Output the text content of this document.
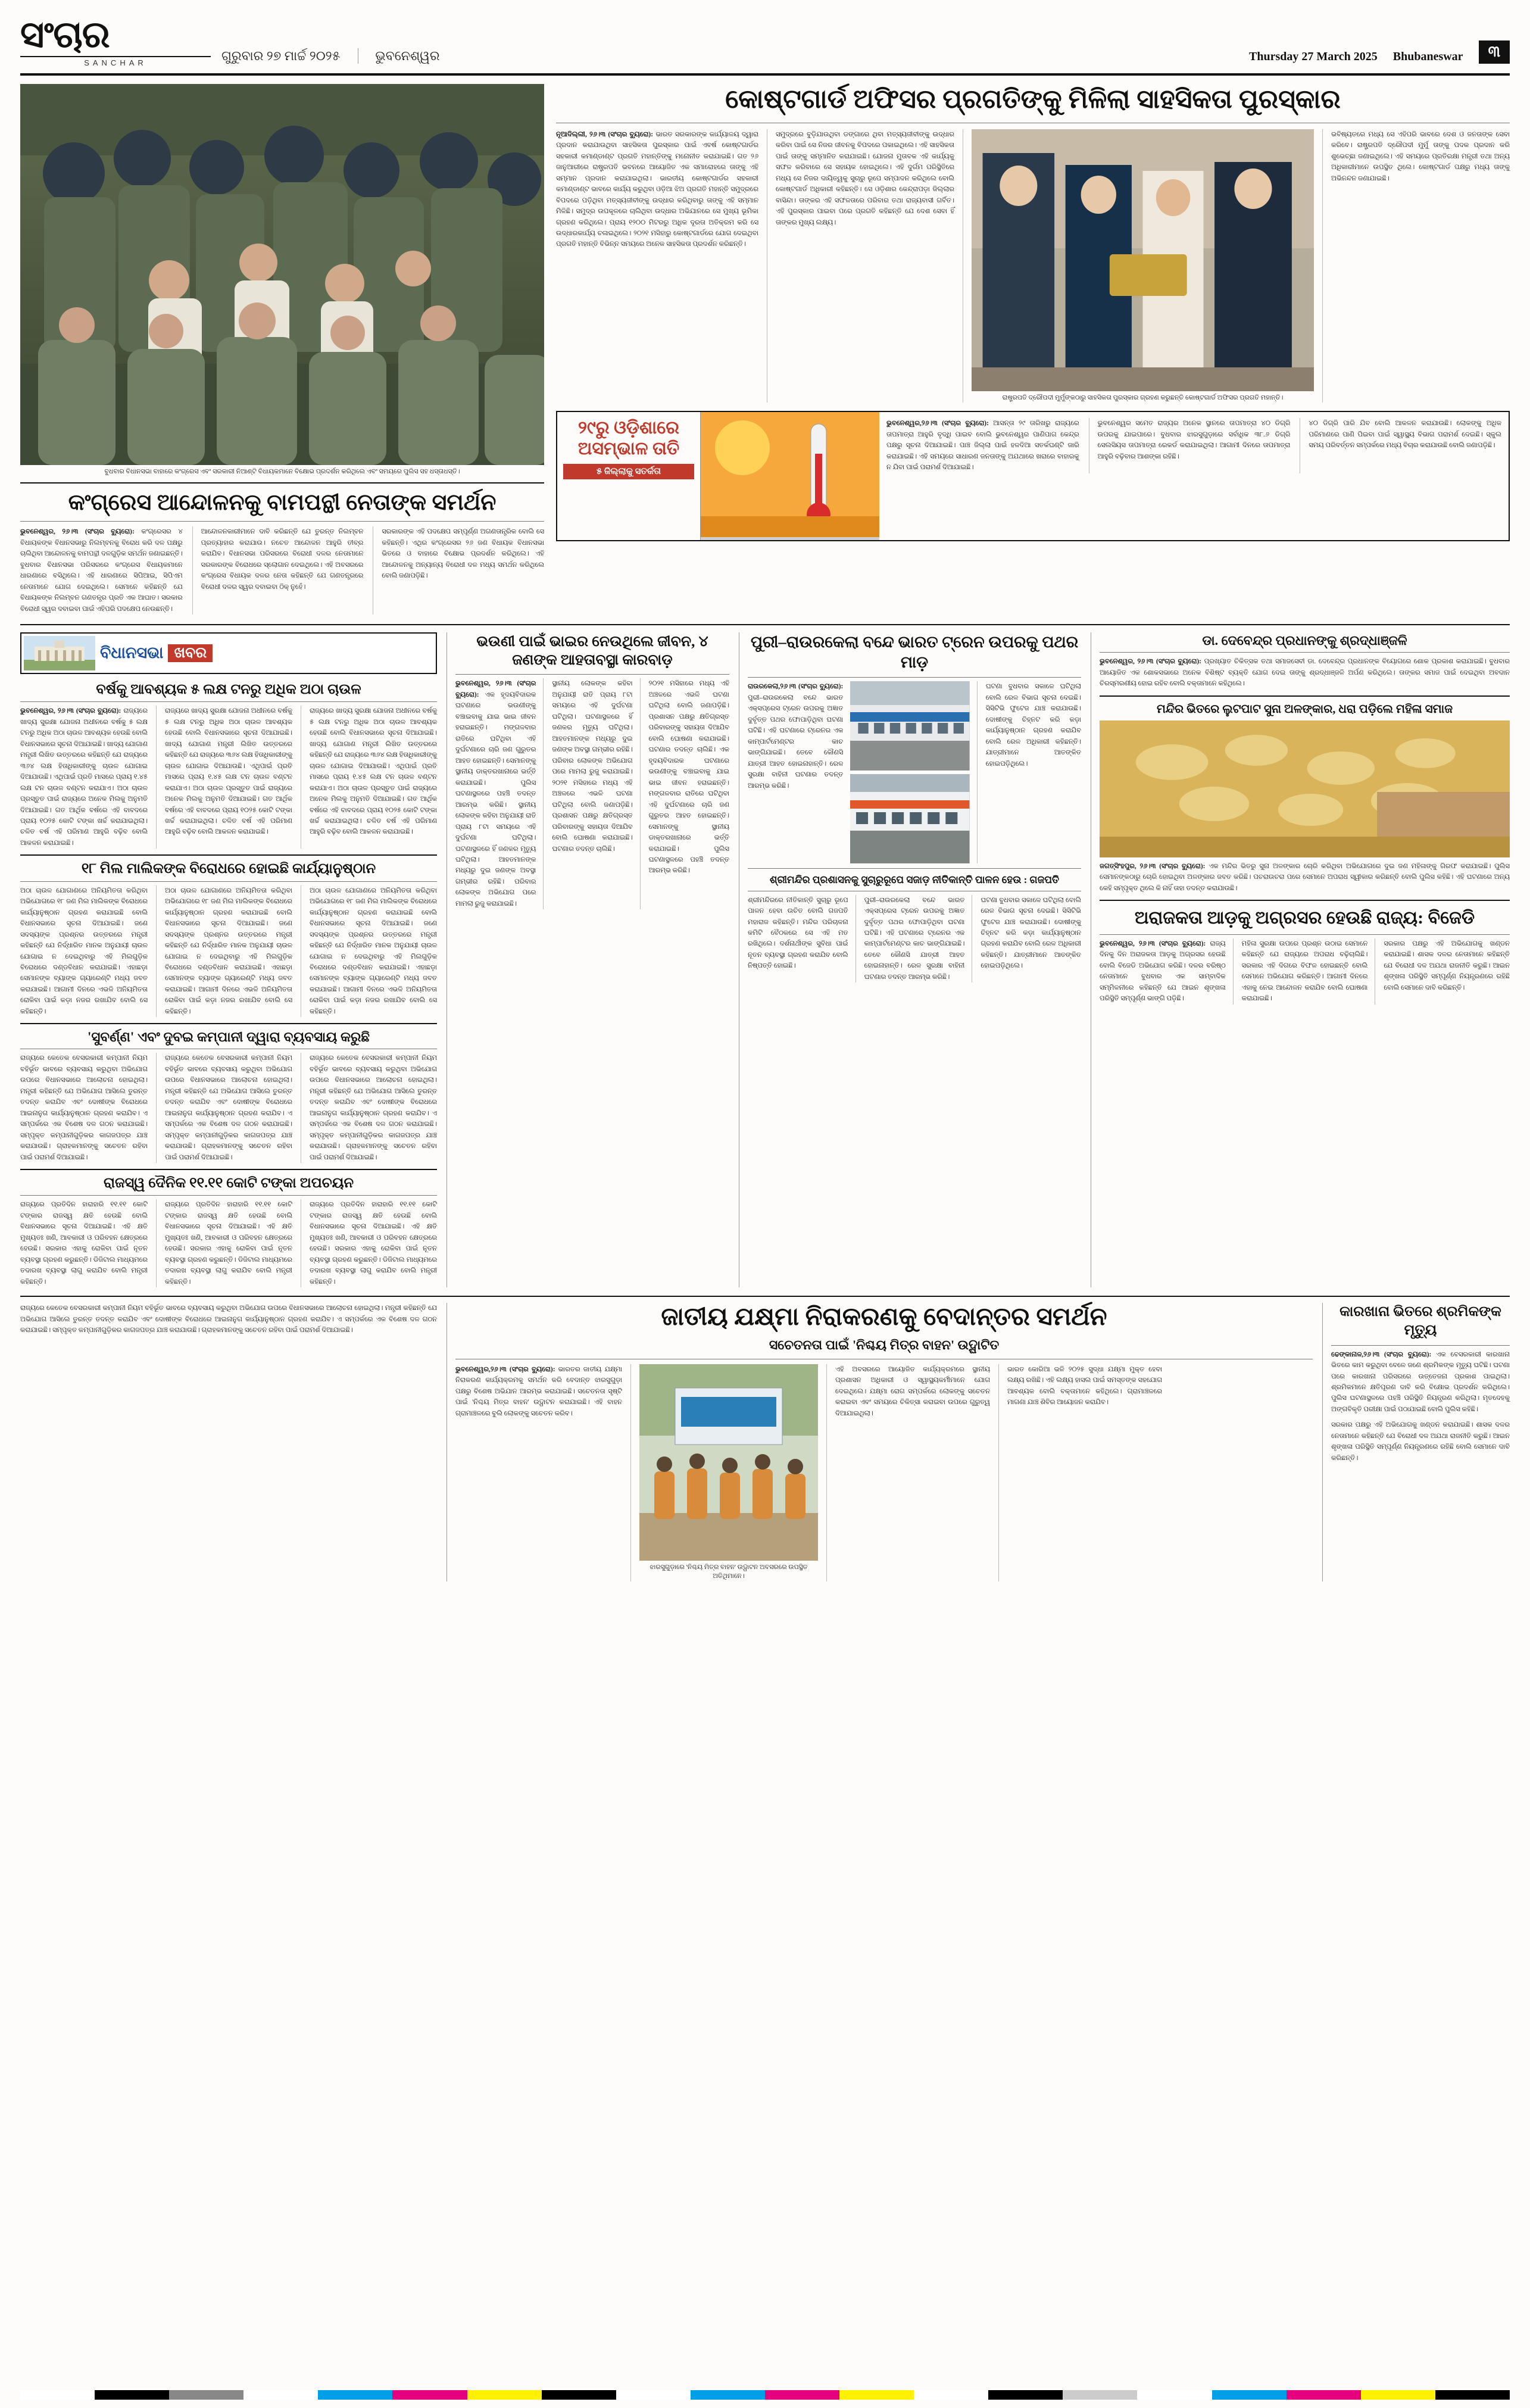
ସଂଚାର
SANCHAR	ଗୁରୁବାର ୨୭ ମାର୍ଚ୍ଚ ୨୦୨୫	ଭୁବନେଶ୍ୱର	Thursday 27 March 2025 Bhubaneswar	୩
ବୁଧବାର ବିଧାନସଭା ବାହାରେ କଂଗ୍ରେସ ଏବଂ ସରକାରୀ ନିଆଣ୍ଟି ବିଧାୟକମାନେ ବିକ୍ଷୋଭ ପ୍ରଦର୍ଶନ କରିଥିଲେ ଏବଂ ସମୟରେ ପୁଲିସ ସହ ଧସ୍ତାଧସ୍ତି।
କଂଗ୍ରେସ ଆନ୍ଦୋଳନକୁ ବାମପନ୍ଥୀ ନେତାଙ୍କ ସମର୍ଥନ
ଭୁବନେଶ୍ୱର, ୨୬।୩ (ସଂଚାର ବ୍ୟୁରୋ): କଂଗ୍ରେସର ୪ ବିଧାୟକଙ୍କ ବିଧାନସଭାରୁ ନିଲମ୍ବନକୁ ବିରୋଧ କରି ଦଳ ପକ୍ଷରୁ ଚାଲିଥିବା ଆନ୍ଦୋଳନକୁ ବାମପନ୍ଥୀ ଦଳଗୁଡ଼ିକ ସମର୍ଥନ ଜଣାଇଛନ୍ତି। ବୁଧବାର ବିଧାନସଭା ପରିସରରେ କଂଗ୍ରେସ ବିଧାୟକମାନେ ଧାରଣାରେ ବସିଥିଲେ। ଏହି ଧାରଣାରେ ସିପିଆଇ, ସିପିଏମ ନେତାମାନେ ଯୋଗ ଦେଇଥିଲେ। ସେମାନେ କହିଛନ୍ତି ଯେ ବିଧାୟକଙ୍କ ନିଲମ୍ବନ ଗଣତନ୍ତ୍ର ପ୍ରତି ଏକ ଆଘାତ। ସରକାର ବିରୋଧୀ ସ୍ୱର ଦବାଇବା ପାଇଁ ଏହିପରି ପଦକ୍ଷେପ ନେଉଛନ୍ତି।
ଆନ୍ଦୋଳନକାରୀମାନେ ଦାବି କରିଛନ୍ତି ଯେ ତୁରନ୍ତ ନିଲମ୍ବନ ପ୍ରତ୍ୟାହାର କରାଯାଉ। ନଚେତ ଆନ୍ଦୋଳନ ଆହୁରି ତୀବ୍ର କରାଯିବ। ବିଧାନସଭା ପରିସରରେ ବିରୋଧୀ ଦଳର ନେତାମାନେ ସରକାରଙ୍କ ବିରୋଧରେ ସ୍ଲୋଗାନ ଦେଇଥିଲେ। ଏହି ଅବସରରେ କଂଗ୍ରେସ ବିଧାୟକ ଦଳର ନେତା କହିଛନ୍ତି ଯେ ଗଣତନ୍ତ୍ରରେ ବିରୋଧୀ ଦଳର ସ୍ୱର ଦବାଇବା ଠିକ୍ ନୁହେଁ।
ସରକାରଙ୍କ ଏହି ପଦକ୍ଷେପ ସମ୍ପୂର୍ଣ୍ଣ ଅଗଣତାନ୍ତ୍ରିକ ବୋଲି ସେ କହିଛନ୍ତି। ଏଥିର କଂଗ୍ରେସର ୨୬ ଜଣ ବିଧାୟକ ବିଧାନସଭା ଭିତରେ ଓ ବାହାରେ ବିକ୍ଷୋଭ ପ୍ରଦର୍ଶନ କରିଥିଲେ। ଏହି ଆନ୍ଦୋଳନକୁ ଅନ୍ୟାନ୍ୟ ବିରୋଧୀ ଦଳ ମଧ୍ୟ ସମର୍ଥନ କରିଥିଲେ ବୋଲି ଜଣାପଡ଼ିଛି।
କୋଷ୍ଟଗାର୍ଡ ଅଫିସର ପ୍ରଗତିଙ୍କୁ ମିଳିଲା ସାହସିକତା ପୁରସ୍କାର
ନୂଆଦିଲ୍ଲୀ, ୨୬।୩ (ସଂଚାର ବ୍ୟୁରୋ): ଭାରତ ସରକାରଙ୍କ କାର୍ଯ୍ୟାଳୟ ଦ୍ୱାରା ପ୍ରଦାନ କରାଯାଉଥିବା ସାହସିକତା ପୁରସ୍କାର ପାଇଁ ଏବର୍ଷ କୋଷ୍ଟଗାର୍ଡର ସହକାରୀ କମାଣ୍ଡାଣ୍ଟ ପ୍ରଗତି ମହାନ୍ତିଙ୍କୁ ମନୋନୀତ କରାଯାଇଛି। ଗତ ୨୬ ଜାନୁଆରୀରେ ରାଷ୍ଟ୍ରପତି ଭବନରେ ଆୟୋଜିତ ଏକ ସମାରୋହରେ ତାଙ୍କୁ ଏହି ସମ୍ମାନ ପ୍ରଦାନ କରାଯାଇଥିଲା। ଭାରତୀୟ କୋଷ୍ଟଗାର୍ଡର ସହକାରୀ କମାଣ୍ଡାଣ୍ଟ ଭାବରେ କାର୍ଯ୍ୟ କରୁଥିବା ଓଡ଼ିଆ ଝିଅ ପ୍ରଗତି ମହାନ୍ତି ସମୁଦ୍ରରେ ବିପଦରେ ପଡ଼ିଥିବା ମତ୍ସ୍ୟଜୀବୀଙ୍କୁ ଉଦ୍ଧାର କରିଥିବାରୁ ତାଙ୍କୁ ଏହି ସମ୍ମାନ ମିଳିଛି। ସମୁଦ୍ର ଉପକୂଳରେ ଚାଲିଥିବା ଉଦ୍ଧାର ଅଭିଯାନରେ ସେ ମୁଖ୍ୟ ଭୂମିକା ଗ୍ରହଣ କରିଥିଲେ। ପ୍ରାୟ ୧୨୦୦ ମିଟରରୁ ଅଧିକ ଦୂରତା ଅତିକ୍ରମ କରି ସେ ଉଦ୍ଧାରକାର୍ଯ୍ୟ ଚଳାଇଥିଲେ। ୨୦୨୧ ମସିହାରୁ କୋଷ୍ଟଗାର୍ଡରେ ଯୋଗ ଦେଇଥିବା ପ୍ରଗତି ମହାନ୍ତି ବିଭିନ୍ନ ସମୟରେ ଅନେକ ସାହସିକତା ପ୍ରଦର୍ଶନ କରିଛନ୍ତି।
ସମୁଦ୍ରରେ ବୁଡ଼ିଯାଉଥିବା ଡଙ୍ଗାରେ ଥିବା ମତ୍ସ୍ୟଜୀବୀଙ୍କୁ ଉଦ୍ଧାର କରିବା ପାଇଁ ସେ ନିଜର ଜୀବନକୁ ବିପଦରେ ପକାଇଥିଲେ। ଏହି ସାହସିକତା ପାଇଁ ତାଙ୍କୁ ସମ୍ମାନିତ କରାଯାଇଛି। ଯୋଜନା ମୁତାବକ ଏହି କାର୍ଯ୍ୟକୁ ସଫଳ କରିବାରେ ସେ ସହାୟକ ହୋଇଥିଲେ। ଏହି ଦୁର୍ଗମ ପରିସ୍ଥିତିରେ ମଧ୍ୟ ସେ ନିଜର ଦାୟିତ୍ୱକୁ ସୁଚାରୁ ରୂପେ ସମ୍ପାଦନ କରିଥିଲେ ବୋଲି କୋଷ୍ଟଗାର୍ଡ ଅଧିକାରୀ କହିଛନ୍ତି। ସେ ଓଡ଼ିଶାର କେନ୍ଦ୍ରାପଡ଼ା ଜିଲ୍ଲାର ବାସିନ୍ଦା। ତାଙ୍କର ଏହି ସଫଳତାରେ ପରିବାର ତଥା ରାଜ୍ୟବାସୀ ଗର୍ବିତ। ଏହି ପୁରସ୍କାର ପାଇବା ପରେ ପ୍ରଗତି କହିଛନ୍ତି ଯେ ଦେଶ ସେବା ହିଁ ତାଙ୍କର ମୁଖ୍ୟ ଲକ୍ଷ୍ୟ।
ରାଷ୍ଟ୍ରପତି ଦ୍ରୌପଦୀ ମୁର୍ମୁଙ୍କଠାରୁ ସାହସିକତା ପୁରସ୍କାର ଗ୍ରହଣ କରୁଛନ୍ତି କୋଷ୍ଟଗାର୍ଡ ଅଫିସର ପ୍ରଗତି ମହାନ୍ତି।
ଭବିଷ୍ୟତରେ ମଧ୍ୟ ସେ ଏହିପରି ଭାବରେ ଦେଶ ଓ ଜନତାଙ୍କ ସେବା କରିବେ। ରାଷ୍ଟ୍ରପତି ଦ୍ରୌପଦୀ ମୁର୍ମୁ ତାଙ୍କୁ ପଦକ ପ୍ରଦାନ କରି ଶୁଭେଚ୍ଛା ଜଣାଇଥିଲେ। ଏହି ସମୟରେ ପ୍ରତିରକ୍ଷା ମନ୍ତ୍ରୀ ତଥା ଅନ୍ୟ ଅଧିକାରୀମାନେ ଉପସ୍ଥିତ ଥିଲେ। କୋଷ୍ଟଗାର୍ଡ ପକ୍ଷରୁ ମଧ୍ୟ ତାଙ୍କୁ ଅଭିନନ୍ଦନ ଜଣାଯାଇଛି।
୨୯ରୁ ଓଡ଼ିଶାରେ ଅସମ୍ଭାଳ ତାତି
୫ ଜିଲ୍ଲାକୁ ସତର୍କତା
ଭୁବନେଶ୍ୱର,୨୬।୩ (ସଂଚାର ବ୍ୟୁରୋ): ଆସନ୍ତା ୨୯ ତାରିଖରୁ ରାଜ୍ୟରେ ତାପମାତ୍ରା ଆହୁରି ବୃଦ୍ଧି ପାଇବ ବୋଲି ଭୁବନେଶ୍ୱର ପାଣିପାଗ କେନ୍ଦ୍ର ପକ୍ଷରୁ ସୂଚନା ଦିଆଯାଇଛି। ପାଞ୍ଚ ଜିଲ୍ଲା ପାଇଁ ହଳଦିଆ ସତର୍କଘଣ୍ଟି ଜାରି କରାଯାଇଛି। ଏହି ସମୟରେ ସାଧାରଣ ଜନତାଙ୍କୁ ଅଯଥାରେ ଖରାରେ ବାହାରକୁ ନ ଯିବା ପାଇଁ ପରାମର୍ଶ ଦିଆଯାଇଛି।
ଭୁବନେଶ୍ୱର ସମେତ ରାଜ୍ୟର ଅନେକ ସ୍ଥାନରେ ତାପମାତ୍ରା ୪୦ ଡିଗ୍ରି ଉପରକୁ ଯାଇପାରେ। ବୁଧବାର ଝାରସୁଗୁଡ଼ାରେ ସର୍ବାଧିକ ୩୮.୬ ଡିଗ୍ରି ସେଲସିୟସ ତାପମାତ୍ରା ରେକର୍ଡ କରାଯାଇଥିଲା। ଆଗାମୀ ଦିନରେ ତାପମାତ୍ରା ଆହୁରି ବଢ଼ିବାର ଆଶଙ୍କା ରହିଛି।
୪୦ ଡିଗ୍ରି ପାରି ଯିବ ବୋଲି ଆକଳନ କରାଯାଉଛି। ଲୋକଙ୍କୁ ଅଧିକ ପରିମାଣରେ ପାଣି ପିଇବା ପାଇଁ ସ୍ୱାସ୍ଥ୍ୟ ବିଭାଗ ପରାମର୍ଶ ଦେଇଛି। ସ୍କୁଲ ସମୟ ପରିବର୍ତ୍ତନ ସମ୍ପର୍କରେ ମଧ୍ୟ ବିଚାର କରାଯାଉଛି ବୋଲି ଜଣାପଡ଼ିଛି।
ବିଧାନସଭା ଖବର
ବର୍ଷକୁ ଆବଶ୍ୟକ ୫ ଲକ୍ଷ ଟନରୁ ଅଧିକ ଅଠା ଚାଉଳ
ଭୁବନେଶ୍ୱର, ୨୬।୩ (ସଂଚାର ବ୍ୟୁରୋ): ରାଜ୍ୟରେ ଖାଦ୍ୟ ସୁରକ୍ଷା ଯୋଜନା ଅଧୀନରେ ବର୍ଷକୁ ୫ ଲକ୍ଷ ଟନରୁ ଅଧିକ ଅଠା ଚାଉଳ ଆବଶ୍ୟକ ହେଉଛି ବୋଲି ବିଧାନସଭାରେ ସୂଚନା ଦିଆଯାଇଛି। ଖାଦ୍ୟ ଯୋଗାଣ ମନ୍ତ୍ରୀ ଲିଖିତ ଉତ୍ତରରେ କହିଛନ୍ତି ଯେ ରାଜ୍ୟରେ ୩୬୪ ଲକ୍ଷ ହିତାଧିକାରୀଙ୍କୁ ଚାଉଳ ଯୋଗାଇ ଦିଆଯାଉଛି। ଏଥିପାଇଁ ପ୍ରତି ମାସରେ ପ୍ରାୟ ୧.୪୫ ଲକ୍ଷ ଟନ ଚାଉଳ ବଣ୍ଟନ କରାଯାଏ। ଅଠା ଚାଉଳ ପ୍ରସ୍ତୁତ ପାଇଁ ରାଜ୍ୟରେ ଅନେକ ମିଲକୁ ଅନୁମତି ଦିଆଯାଇଛି। ଗତ ଆର୍ଥିକ ବର୍ଷରେ ଏହି ବାବଦରେ ପ୍ରାୟ ୧୦୨୫ କୋଟି ଟଙ୍କା ଖର୍ଚ୍ଚ କରାଯାଇଥିଲା। ଚଳିତ ବର୍ଷ ଏହି ପରିମାଣ ଆହୁରି ବଢ଼ିବ ବୋଲି ଆକଳନ କରାଯାଇଛି।
ରାଜ୍ୟରେ ଖାଦ୍ୟ ସୁରକ୍ଷା ଯୋଜନା ଅଧୀନରେ ବର୍ଷକୁ ୫ ଲକ୍ଷ ଟନରୁ ଅଧିକ ଅଠା ଚାଉଳ ଆବଶ୍ୟକ ହେଉଛି ବୋଲି ବିଧାନସଭାରେ ସୂଚନା ଦିଆଯାଇଛି। ଖାଦ୍ୟ ଯୋଗାଣ ମନ୍ତ୍ରୀ ଲିଖିତ ଉତ୍ତରରେ କହିଛନ୍ତି ଯେ ରାଜ୍ୟରେ ୩୬୪ ଲକ୍ଷ ହିତାଧିକାରୀଙ୍କୁ ଚାଉଳ ଯୋଗାଇ ଦିଆଯାଉଛି। ଏଥିପାଇଁ ପ୍ରତି ମାସରେ ପ୍ରାୟ ୧.୪୫ ଲକ୍ଷ ଟନ ଚାଉଳ ବଣ୍ଟନ କରାଯାଏ। ଅଠା ଚାଉଳ ପ୍ରସ୍ତୁତ ପାଇଁ ରାଜ୍ୟରେ ଅନେକ ମିଲକୁ ଅନୁମତି ଦିଆଯାଇଛି। ଗତ ଆର୍ଥିକ ବର୍ଷରେ ଏହି ବାବଦରେ ପ୍ରାୟ ୧୦୨୫ କୋଟି ଟଙ୍କା ଖର୍ଚ୍ଚ କରାଯାଇଥିଲା। ଚଳିତ ବର୍ଷ ଏହି ପରିମାଣ ଆହୁରି ବଢ଼ିବ ବୋଲି ଆକଳନ କରାଯାଇଛି।
ରାଜ୍ୟରେ ଖାଦ୍ୟ ସୁରକ୍ଷା ଯୋଜନା ଅଧୀନରେ ବର୍ଷକୁ ୫ ଲକ୍ଷ ଟନରୁ ଅଧିକ ଅଠା ଚାଉଳ ଆବଶ୍ୟକ ହେଉଛି ବୋଲି ବିଧାନସଭାରେ ସୂଚନା ଦିଆଯାଇଛି। ଖାଦ୍ୟ ଯୋଗାଣ ମନ୍ତ୍ରୀ ଲିଖିତ ଉତ୍ତରରେ କହିଛନ୍ତି ଯେ ରାଜ୍ୟରେ ୩୬୪ ଲକ୍ଷ ହିତାଧିକାରୀଙ୍କୁ ଚାଉଳ ଯୋଗାଇ ଦିଆଯାଉଛି। ଏଥିପାଇଁ ପ୍ରତି ମାସରେ ପ୍ରାୟ ୧.୪୫ ଲକ୍ଷ ଟନ ଚାଉଳ ବଣ୍ଟନ କରାଯାଏ। ଅଠା ଚାଉଳ ପ୍ରସ୍ତୁତ ପାଇଁ ରାଜ୍ୟରେ ଅନେକ ମିଲକୁ ଅନୁମତି ଦିଆଯାଇଛି। ଗତ ଆର୍ଥିକ ବର୍ଷରେ ଏହି ବାବଦରେ ପ୍ରାୟ ୧୦୨୫ କୋଟି ଟଙ୍କା ଖର୍ଚ୍ଚ କରାଯାଇଥିଲା। ଚଳିତ ବର୍ଷ ଏହି ପରିମାଣ ଆହୁରି ବଢ଼ିବ ବୋଲି ଆକଳନ କରାଯାଇଛି।
୧୮ ମିଲ ମାଲିକଙ୍କ ବିରୋଧରେ ହୋଇଛି କାର୍ଯ୍ୟାନୁଷ୍ଠାନ
ଅଠା ଚାଉଳ ଯୋଗାଣରେ ଅନିୟମିତତା କରିଥିବା ଅଭିଯୋଗରେ ୧୮ ଜଣ ମିଲ ମାଲିକଙ୍କ ବିରୋଧରେ କାର୍ଯ୍ୟାନୁଷ୍ଠାନ ଗ୍ରହଣ କରାଯାଇଛି ବୋଲି ବିଧାନସଭାରେ ସୂଚନା ଦିଆଯାଇଛି। ଜଣେ ସଦସ୍ୟଙ୍କ ପ୍ରଶ୍ନର ଉତ୍ତରରେ ମନ୍ତ୍ରୀ କହିଛନ୍ତି ଯେ ନିର୍ଦ୍ଧାରିତ ମାନକ ଅନୁଯାୟୀ ଚାଉଳ ଯୋଗାଇ ନ ଦେଇଥିବାରୁ ଏହି ମିଲଗୁଡ଼ିକ ବିରୋଧରେ ଦଣ୍ଡବିଧାନ କରାଯାଇଛି। ଏହାଛଡ଼ା ସେମାନଙ୍କ ବ୍ୟାଙ୍କ ଗ୍ୟାରେଣ୍ଟି ମଧ୍ୟ ଜବତ କରାଯାଇଛି। ଆଗାମୀ ଦିନରେ ଏଭଳି ଅନିୟମିତତା ରୋକିବା ପାଇଁ କଡ଼ା ନଜର ରଖାଯିବ ବୋଲି ସେ କହିଛନ୍ତି।
ଅଠା ଚାଉଳ ଯୋଗାଣରେ ଅନିୟମିତତା କରିଥିବା ଅଭିଯୋଗରେ ୧୮ ଜଣ ମିଲ ମାଲିକଙ୍କ ବିରୋଧରେ କାର୍ଯ୍ୟାନୁଷ୍ଠାନ ଗ୍ରହଣ କରାଯାଇଛି ବୋଲି ବିଧାନସଭାରେ ସୂଚନା ଦିଆଯାଇଛି। ଜଣେ ସଦସ୍ୟଙ୍କ ପ୍ରଶ୍ନର ଉତ୍ତରରେ ମନ୍ତ୍ରୀ କହିଛନ୍ତି ଯେ ନିର୍ଦ୍ଧାରିତ ମାନକ ଅନୁଯାୟୀ ଚାଉଳ ଯୋଗାଇ ନ ଦେଇଥିବାରୁ ଏହି ମିଲଗୁଡ଼ିକ ବିରୋଧରେ ଦଣ୍ଡବିଧାନ କରାଯାଇଛି। ଏହାଛଡ଼ା ସେମାନଙ୍କ ବ୍ୟାଙ୍କ ଗ୍ୟାରେଣ୍ଟି ମଧ୍ୟ ଜବତ କରାଯାଇଛି। ଆଗାମୀ ଦିନରେ ଏଭଳି ଅନିୟମିତତା ରୋକିବା ପାଇଁ କଡ଼ା ନଜର ରଖାଯିବ ବୋଲି ସେ କହିଛନ୍ତି।
ଅଠା ଚାଉଳ ଯୋଗାଣରେ ଅନିୟମିତତା କରିଥିବା ଅଭିଯୋଗରେ ୧୮ ଜଣ ମିଲ ମାଲିକଙ୍କ ବିରୋଧରେ କାର୍ଯ୍ୟାନୁଷ୍ଠାନ ଗ୍ରହଣ କରାଯାଇଛି ବୋଲି ବିଧାନସଭାରେ ସୂଚନା ଦିଆଯାଇଛି। ଜଣେ ସଦସ୍ୟଙ୍କ ପ୍ରଶ୍ନର ଉତ୍ତରରେ ମନ୍ତ୍ରୀ କହିଛନ୍ତି ଯେ ନିର୍ଦ୍ଧାରିତ ମାନକ ଅନୁଯାୟୀ ଚାଉଳ ଯୋଗାଇ ନ ଦେଇଥିବାରୁ ଏହି ମିଲଗୁଡ଼ିକ ବିରୋଧରେ ଦଣ୍ଡବିଧାନ କରାଯାଇଛି। ଏହାଛଡ଼ା ସେମାନଙ୍କ ବ୍ୟାଙ୍କ ଗ୍ୟାରେଣ୍ଟି ମଧ୍ୟ ଜବତ କରାଯାଇଛି। ଆଗାମୀ ଦିନରେ ଏଭଳି ଅନିୟମିତତା ରୋକିବା ପାଇଁ କଡ଼ା ନଜର ରଖାଯିବ ବୋଲି ସେ କହିଛନ୍ତି।
'ସୁବର୍ଣ୍ଣ' ଏବଂ ଦୁବଇ କମ୍ପାନୀ ଦ୍ୱାରା ବ୍ୟବସାୟ କରୁଛି
ରାଜ୍ୟରେ କେତେକ ବେସରକାରୀ କମ୍ପାନୀ ନିୟମ ବହିର୍ଭୂତ ଭାବରେ ବ୍ୟବସାୟ କରୁଥିବା ଅଭିଯୋଗ ଉପରେ ବିଧାନସଭାରେ ଆଲୋଚନା ହୋଇଥିଲା। ମନ୍ତ୍ରୀ କହିଛନ୍ତି ଯେ ଅଭିଯୋଗ ଆସିଲେ ତୁରନ୍ତ ତଦନ୍ତ କରାଯିବ ଏବଂ ଦୋଷୀଙ୍କ ବିରୋଧରେ ଆଇନାନୁଗ କାର୍ଯ୍ୟାନୁଷ୍ଠାନ ଗ୍ରହଣ କରାଯିବ। ଏ ସମ୍ପର୍କରେ ଏକ ବିଶେଷ ଦଳ ଗଠନ କରାଯାଇଛି। ସମ୍ପୃକ୍ତ କମ୍ପାନୀଗୁଡ଼ିକର କାଗଜପତ୍ର ଯାଞ୍ଚ କରାଯାଉଛି। ଗ୍ରାହକମାନଙ୍କୁ ସଚେତନ ରହିବା ପାଇଁ ପରାମର୍ଶ ଦିଆଯାଇଛି।
ରାଜ୍ୟରେ କେତେକ ବେସରକାରୀ କମ୍ପାନୀ ନିୟମ ବହିର୍ଭୂତ ଭାବରେ ବ୍ୟବସାୟ କରୁଥିବା ଅଭିଯୋଗ ଉପରେ ବିଧାନସଭାରେ ଆଲୋଚନା ହୋଇଥିଲା। ମନ୍ତ୍ରୀ କହିଛନ୍ତି ଯେ ଅଭିଯୋଗ ଆସିଲେ ତୁରନ୍ତ ତଦନ୍ତ କରାଯିବ ଏବଂ ଦୋଷୀଙ୍କ ବିରୋଧରେ ଆଇନାନୁଗ କାର୍ଯ୍ୟାନୁଷ୍ଠାନ ଗ୍ରହଣ କରାଯିବ। ଏ ସମ୍ପର୍କରେ ଏକ ବିଶେଷ ଦଳ ଗଠନ କରାଯାଇଛି। ସମ୍ପୃକ୍ତ କମ୍ପାନୀଗୁଡ଼ିକର କାଗଜପତ୍ର ଯାଞ୍ଚ କରାଯାଉଛି। ଗ୍ରାହକମାନଙ୍କୁ ସଚେତନ ରହିବା ପାଇଁ ପରାମର୍ଶ ଦିଆଯାଇଛି।
ରାଜ୍ୟରେ କେତେକ ବେସରକାରୀ କମ୍ପାନୀ ନିୟମ ବହିର୍ଭୂତ ଭାବରେ ବ୍ୟବସାୟ କରୁଥିବା ଅଭିଯୋଗ ଉପରେ ବିଧାନସଭାରେ ଆଲୋଚନା ହୋଇଥିଲା। ମନ୍ତ୍ରୀ କହିଛନ୍ତି ଯେ ଅଭିଯୋଗ ଆସିଲେ ତୁରନ୍ତ ତଦନ୍ତ କରାଯିବ ଏବଂ ଦୋଷୀଙ୍କ ବିରୋଧରେ ଆଇନାନୁଗ କାର୍ଯ୍ୟାନୁଷ୍ଠାନ ଗ୍ରହଣ କରାଯିବ। ଏ ସମ୍ପର୍କରେ ଏକ ବିଶେଷ ଦଳ ଗଠନ କରାଯାଇଛି। ସମ୍ପୃକ୍ତ କମ୍ପାନୀଗୁଡ଼ିକର କାଗଜପତ୍ର ଯାଞ୍ଚ କରାଯାଉଛି। ଗ୍ରାହକମାନଙ୍କୁ ସଚେତନ ରହିବା ପାଇଁ ପରାମର୍ଶ ଦିଆଯାଇଛି।
ରାଜସ୍ୱ ଦୈନିକ ୧୧.୧୧ କୋଟି ଟଙ୍କା ଅପଚୟନ
ରାଜ୍ୟରେ ପ୍ରତିଦିନ ହାରାହାରି ୧୧.୧୧ କୋଟି ଟଙ୍କାର ରାଜସ୍ୱ କ୍ଷତି ହେଉଛି ବୋଲି ବିଧାନସଭାରେ ସୂଚନା ଦିଆଯାଇଛି। ଏହି କ୍ଷତି ମୁଖ୍ୟତଃ ଖଣି, ଆବକାରୀ ଓ ପରିବହନ କ୍ଷେତ୍ରରେ ହେଉଛି। ସରକାର ଏହାକୁ ରୋକିବା ପାଇଁ ନୂତନ ବ୍ୟବସ୍ଥା ଗ୍ରହଣ କରୁଛନ୍ତି। ଡିଜିଟାଲ ମାଧ୍ୟମରେ ତଦାରଖ ବ୍ୟବସ୍ଥା ଲାଗୁ କରାଯିବ ବୋଲି ମନ୍ତ୍ରୀ କହିଛନ୍ତି।
ରାଜ୍ୟରେ ପ୍ରତିଦିନ ହାରାହାରି ୧୧.୧୧ କୋଟି ଟଙ୍କାର ରାଜସ୍ୱ କ୍ଷତି ହେଉଛି ବୋଲି ବିଧାନସଭାରେ ସୂଚନା ଦିଆଯାଇଛି। ଏହି କ୍ଷତି ମୁଖ୍ୟତଃ ଖଣି, ଆବକାରୀ ଓ ପରିବହନ କ୍ଷେତ୍ରରେ ହେଉଛି। ସରକାର ଏହାକୁ ରୋକିବା ପାଇଁ ନୂତନ ବ୍ୟବସ୍ଥା ଗ୍ରହଣ କରୁଛନ୍ତି। ଡିଜିଟାଲ ମାଧ୍ୟମରେ ତଦାରଖ ବ୍ୟବସ୍ଥା ଲାଗୁ କରାଯିବ ବୋଲି ମନ୍ତ୍ରୀ କହିଛନ୍ତି।
ରାଜ୍ୟରେ ପ୍ରତିଦିନ ହାରାହାରି ୧୧.୧୧ କୋଟି ଟଙ୍କାର ରାଜସ୍ୱ କ୍ଷତି ହେଉଛି ବୋଲି ବିଧାନସଭାରେ ସୂଚନା ଦିଆଯାଇଛି। ଏହି କ୍ଷତି ମୁଖ୍ୟତଃ ଖଣି, ଆବକାରୀ ଓ ପରିବହନ କ୍ଷେତ୍ରରେ ହେଉଛି। ସରକାର ଏହାକୁ ରୋକିବା ପାଇଁ ନୂତନ ବ୍ୟବସ୍ଥା ଗ୍ରହଣ କରୁଛନ୍ତି। ଡିଜିଟାଲ ମାଧ୍ୟମରେ ତଦାରଖ ବ୍ୟବସ୍ଥା ଲାଗୁ କରାଯିବ ବୋଲି ମନ୍ତ୍ରୀ କହିଛନ୍ତି।
ଭଉଣୀ ପାଇଁ ଭାଇର ନେଉଥିଲେ ଜୀବନ, ୪ ଜଣଙ୍କ ଆହତାବସ୍ଥା କାରବାଡ଼
ଭୁବନେଶ୍ୱର, ୨୬।୩ (ସଂଚାର ବ୍ୟୁରୋ): ଏକ ହୃଦୟବିଦାରକ ଘଟଣାରେ ଭଉଣୀଙ୍କୁ ବଞ୍ଚାଇବାକୁ ଯାଇ ଭାଇ ଜୀବନ ହରାଇଛନ୍ତି। ମଙ୍ଗଳବାର ରାତିରେ ଘଟିଥିବା ଏହି ଦୁର୍ଘଟଣାରେ ଚାରି ଜଣ ଗୁରୁତର ଆହତ ହୋଇଛନ୍ତି। ସେମାନଙ୍କୁ ସ୍ଥାନୀୟ ଡାକ୍ତରଖାନାରେ ଭର୍ତ୍ତି କରାଯାଇଛି। ପୁଲିସ ଘଟଣାସ୍ଥଳରେ ପହଞ୍ଚି ତଦନ୍ତ ଆରମ୍ଭ କରିଛି। ସ୍ଥାନୀୟ ଲୋକଙ୍କ କହିବା ଅନୁଯାୟୀ ରାତି ପ୍ରାୟ ୮ଟା ସମୟରେ ଏହି ଦୁର୍ଘଟଣା ଘଟିଥିଲା। ଘଟଣାସ୍ଥଳରେ ହିଁ ଜଣକର ମୃତ୍ୟୁ ଘଟିଥିଲା। ଆହତମାନଙ୍କ ମଧ୍ୟରୁ ଦୁଇ ଜଣଙ୍କ ଅବସ୍ଥା ଗମ୍ଭୀର ରହିଛି। ପରିବାର ଲୋକଙ୍କ ଅଭିଯୋଗ ପରେ ମାମଲା ରୁଜୁ କରାଯାଇଛି।
ସ୍ଥାନୀୟ ଲୋକଙ୍କ କହିବା ଅନୁଯାୟୀ ରାତି ପ୍ରାୟ ୮ଟା ସମୟରେ ଏହି ଦୁର୍ଘଟଣା ଘଟିଥିଲା। ଘଟଣାସ୍ଥଳରେ ହିଁ ଜଣକର ମୃତ୍ୟୁ ଘଟିଥିଲା। ଆହତମାନଙ୍କ ମଧ୍ୟରୁ ଦୁଇ ଜଣଙ୍କ ଅବସ୍ଥା ଗମ୍ଭୀର ରହିଛି। ପରିବାର ଲୋକଙ୍କ ଅଭିଯୋଗ ପରେ ମାମଲା ରୁଜୁ କରାଯାଇଛି। ୨୦୨୧ ମସିହାରେ ମଧ୍ୟ ଏହି ଅଞ୍ଚଳରେ ଏଭଳି ଘଟଣା ଘଟିଥିଲା ବୋଲି ଜଣାପଡ଼ିଛି। ପ୍ରଶାସନ ପକ୍ଷରୁ କ୍ଷତିଗ୍ରସ୍ତ ପରିବାରଙ୍କୁ ସହାୟତା ଦିଆଯିବ ବୋଲି ଘୋଷଣା କରାଯାଇଛି। ଘଟଣାର ତଦନ୍ତ ଚାଲିଛି।
୨୦୨୧ ମସିହାରେ ମଧ୍ୟ ଏହି ଅଞ୍ଚଳରେ ଏଭଳି ଘଟଣା ଘଟିଥିଲା ବୋଲି ଜଣାପଡ଼ିଛି। ପ୍ରଶାସନ ପକ୍ଷରୁ କ୍ଷତିଗ୍ରସ୍ତ ପରିବାରଙ୍କୁ ସହାୟତା ଦିଆଯିବ ବୋଲି ଘୋଷଣା କରାଯାଇଛି। ଘଟଣାର ତଦନ୍ତ ଚାଲିଛି। ଏକ ହୃଦୟବିଦାରକ ଘଟଣାରେ ଭଉଣୀଙ୍କୁ ବଞ୍ଚାଇବାକୁ ଯାଇ ଭାଇ ଜୀବନ ହରାଇଛନ୍ତି। ମଙ୍ଗଳବାର ରାତିରେ ଘଟିଥିବା ଏହି ଦୁର୍ଘଟଣାରେ ଚାରି ଜଣ ଗୁରୁତର ଆହତ ହୋଇଛନ୍ତି। ସେମାନଙ୍କୁ ସ୍ଥାନୀୟ ଡାକ୍ତରଖାନାରେ ଭର୍ତ୍ତି କରାଯାଇଛି। ପୁଲିସ ଘଟଣାସ୍ଥଳରେ ପହଞ୍ଚି ତଦନ୍ତ ଆରମ୍ଭ କରିଛି।
ପୁରୀ–ରାଉରକେଲା ବନ୍ଦେ ଭାରତ ଟ୍ରେନ ଉପରକୁ ପଥର ମାଡ଼
ରାଉରକେଲା,୨୬।୩ (ସଂଚାର ବ୍ୟୁରୋ): ପୁରୀ–ରାଉରକେଲା ବନ୍ଦେ ଭାରତ ଏକ୍ସପ୍ରେସ ଟ୍ରେନ ଉପରକୁ ଅଜ୍ଞାତ ଦୁର୍ବୃତ୍ତ ପଥର ଫୋପାଡ଼ିଥିବା ଘଟଣା ଘଟିଛି। ଏହି ଘଟଣାରେ ଟ୍ରେନର ଏକ କାମ୍ପାର୍ଟମେଣ୍ଟର କାଚ ଭାଙ୍ଗିଯାଇଛି। ତେବେ କୌଣସି ଯାତ୍ରୀ ଆହତ ହୋଇନାହାନ୍ତି। ରେଳ ସୁରକ୍ଷା ବାହିନୀ ଘଟଣାର ତଦନ୍ତ ଆରମ୍ଭ କରିଛି।
ଘଟଣା ବୁଧବାର ସକାଳେ ଘଟିଥିଲା ବୋଲି ରେଳ ବିଭାଗ ସୂଚନା ଦେଇଛି। ସିସିଟିଭି ଫୁଟେଜ ଯାଞ୍ଚ କରାଯାଉଛି। ଦୋଷୀଙ୍କୁ ଚିହ୍ନଟ କରି କଡ଼ା କାର୍ଯ୍ୟାନୁଷ୍ଠାନ ଗ୍ରହଣ କରାଯିବ ବୋଲି ରେଳ ଅଧିକାରୀ କହିଛନ୍ତି। ଯାତ୍ରୀମାନେ ଆତଙ୍କିତ ହୋଇପଡ଼ିଥିଲେ।
ଶ୍ରୀମନ୍ଦିର ପ୍ରଶାସନକୁ ସୁଚାରୁରୂପେ ସଜାଡ଼ ନୀତିକାନ୍ତି ପାଳନ ହେଉ : ଗଜପତି
ଶ୍ରୀମନ୍ଦିରରେ ନୀତିକାନ୍ତି ସୁଚାରୁ ରୂପେ ପାଳନ ହେବା ଉଚିତ ବୋଲି ଗଜପତି ମହାରାଜ କହିଛନ୍ତି। ମନ୍ଦିର ପରିଚାଳନା କମିଟି ବୈଠକରେ ସେ ଏହି ମତ ରଖିଥିଲେ। ଦର୍ଶନାର୍ଥୀଙ୍କ ସୁବିଧା ପାଇଁ ନୂତନ ବ୍ୟବସ୍ଥା ଗ୍ରହଣ କରାଯିବ ବୋଲି ନିଷ୍ପତ୍ତି ହୋଇଛି।
ପୁରୀ–ରାଉରକେଲା ବନ୍ଦେ ଭାରତ ଏକ୍ସପ୍ରେସ ଟ୍ରେନ ଉପରକୁ ଅଜ୍ଞାତ ଦୁର୍ବୃତ୍ତ ପଥର ଫୋପାଡ଼ିଥିବା ଘଟଣା ଘଟିଛି। ଏହି ଘଟଣାରେ ଟ୍ରେନର ଏକ କାମ୍ପାର୍ଟମେଣ୍ଟର କାଚ ଭାଙ୍ଗିଯାଇଛି। ତେବେ କୌଣସି ଯାତ୍ରୀ ଆହତ ହୋଇନାହାନ୍ତି। ରେଳ ସୁରକ୍ଷା ବାହିନୀ ଘଟଣାର ତଦନ୍ତ ଆରମ୍ଭ କରିଛି।
ଘଟଣା ବୁଧବାର ସକାଳେ ଘଟିଥିଲା ବୋଲି ରେଳ ବିଭାଗ ସୂଚନା ଦେଇଛି। ସିସିଟିଭି ଫୁଟେଜ ଯାଞ୍ଚ କରାଯାଉଛି। ଦୋଷୀଙ୍କୁ ଚିହ୍ନଟ କରି କଡ଼ା କାର୍ଯ୍ୟାନୁଷ୍ଠାନ ଗ୍ରହଣ କରାଯିବ ବୋଲି ରେଳ ଅଧିକାରୀ କହିଛନ୍ତି। ଯାତ୍ରୀମାନେ ଆତଙ୍କିତ ହୋଇପଡ଼ିଥିଲେ।
ଡା. ଦେବେନ୍ଦ୍ର ପ୍ରଧାନଙ୍କୁ ଶ୍ରଦ୍ଧାଞ୍ଜଳି
ଭୁବନେଶ୍ୱର, ୨୬।୩ (ସଂଚାର ବ୍ୟୁରୋ): ପ୍ରଖ୍ୟାତ ଚିକିତ୍ସକ ତଥା ସମାଜସେବୀ ଡା. ଦେବେନ୍ଦ୍ର ପ୍ରଧାନଙ୍କ ବିୟୋଗରେ ଶୋକ ପ୍ରକାଶ କରାଯାଇଛି। ବୁଧବାର ଆୟୋଜିତ ଏକ ଶୋକସଭାରେ ଅନେକ ବିଶିଷ୍ଟ ବ୍ୟକ୍ତି ଯୋଗ ଦେଇ ତାଙ୍କୁ ଶ୍ରଦ୍ଧାଞ୍ଜଳି ଅର୍ପଣ କରିଥିଲେ। ତାଙ୍କର ସମାଜ ପାଇଁ ଦେଇଥିବା ଅବଦାନ ଚିରସ୍ମରଣୀୟ ହୋଇ ରହିବ ବୋଲି ବକ୍ତାମାନେ କହିଥିଲେ।
ମନ୍ଦିର ଭିତରେ ଲୁଟପାଟ ସୁନା ଅଳଙ୍କାର, ଧରା ପଡ଼ିଲେ ମହିଳା ସମାଜ
ଜଗତ୍‌ସିଂହପୁର, ୨୬।୩ (ସଂଚାର ବ୍ୟୁରୋ): ଏକ ମନ୍ଦିର ଭିତରୁ ସୁନା ଅଳଙ୍କାର ଚୋରି କରିଥିବା ଅଭିଯୋଗରେ ଦୁଇ ଜଣ ମହିଳାଙ୍କୁ ଗିରଫ କରାଯାଇଛି। ପୁଲିସ ସେମାନଙ୍କଠାରୁ ଚୋରି ହୋଇଥିବା ଅଳଙ୍କାର ଜବତ କରିଛି। ପଚରାଉଚରା ପରେ ସେମାନେ ଅପରାଧ ସ୍ୱୀକାର କରିଛନ୍ତି ବୋଲି ପୁଲିସ କହିଛି। ଏହି ଘଟଣାରେ ଅନ୍ୟ କେହି ସମ୍ପୃକ୍ତ ଥିଲେ କି ନାହିଁ ତାହା ତଦନ୍ତ କରାଯାଉଛି।
ଅରାଜକତା ଆଡ଼କୁ ଅଗ୍ରସର ହେଉଛି ରାଜ୍ୟ: ବିଜେଡି
ଭୁବନେଶ୍ୱର, ୨୬।୩ (ସଂଚାର ବ୍ୟୁରୋ): ରାଜ୍ୟ ଦିନକୁ ଦିନ ଅରାଜକତା ଆଡ଼କୁ ଅଗ୍ରସର ହେଉଛି ବୋଲି ବିଜେଡି ଅଭିଯୋଗ କରିଛି। ଦଳର ବରିଷ୍ଠ ନେତାମାନେ ବୁଧବାର ଏକ ସାମ୍ବାଦିକ ସମ୍ମିଳନୀରେ କହିଛନ୍ତି ଯେ ଆଇନ ଶୃଙ୍ଖଳା ପରିସ୍ଥିତି ସମ୍ପୂର୍ଣ୍ଣ ଭାଙ୍ଗି ପଡ଼ିଛି।
ମହିଳା ସୁରକ୍ଷା ଉପରେ ପ୍ରଶ୍ନ ଉଠାଇ ସେମାନେ କହିଛନ୍ତି ଯେ ରାଜ୍ୟରେ ଅପରାଧ ବଢ଼ିଚାଲିଛି। ସରକାର ଏହି ଦିଗରେ ବିଫଳ ହୋଇଛନ୍ତି ବୋଲି ସେମାନେ ଅଭିଯୋଗ କରିଛନ୍ତି। ଆଗାମୀ ଦିନରେ ଏହାକୁ ନେଇ ଆନ୍ଦୋଳନ କରାଯିବ ବୋଲି ଘୋଷଣା କରାଯାଇଛି।
ସରକାର ପକ୍ଷରୁ ଏହି ଅଭିଯୋଗକୁ ଖଣ୍ଡନ କରାଯାଇଛି। ଶାସକ ଦଳର ନେତାମାନେ କହିଛନ୍ତି ଯେ ବିରୋଧୀ ଦଳ ଅଯଥା ରାଜନୀତି କରୁଛି। ଆଇନ ଶୃଙ୍ଖଳା ପରିସ୍ଥିତି ସମ୍ପୂର୍ଣ୍ଣ ନିୟନ୍ତ୍ରଣରେ ରହିଛି ବୋଲି ସେମାନେ ଦାବି କରିଛନ୍ତି।
ରାଜ୍ୟରେ କେତେକ ବେସରକାରୀ କମ୍ପାନୀ ନିୟମ ବହିର୍ଭୂତ ଭାବରେ ବ୍ୟବସାୟ କରୁଥିବା ଅଭିଯୋଗ ଉପରେ ବିଧାନସଭାରେ ଆଲୋଚନା ହୋଇଥିଲା। ମନ୍ତ୍ରୀ କହିଛନ୍ତି ଯେ ଅଭିଯୋଗ ଆସିଲେ ତୁରନ୍ତ ତଦନ୍ତ କରାଯିବ ଏବଂ ଦୋଷୀଙ୍କ ବିରୋଧରେ ଆଇନାନୁଗ କାର୍ଯ୍ୟାନୁଷ୍ଠାନ ଗ୍ରହଣ କରାଯିବ। ଏ ସମ୍ପର୍କରେ ଏକ ବିଶେଷ ଦଳ ଗଠନ କରାଯାଇଛି। ସମ୍ପୃକ୍ତ କମ୍ପାନୀଗୁଡ଼ିକର କାଗଜପତ୍ର ଯାଞ୍ଚ କରାଯାଉଛି। ଗ୍ରାହକମାନଙ୍କୁ ସଚେତନ ରହିବା ପାଇଁ ପରାମର୍ଶ ଦିଆଯାଇଛି।	ଜାତୀୟ ଯକ୍ଷ୍ମା ନିରାକରଣକୁ ବେଦାନ୍ତର ସମର୍ଥନ
ସଚେତନତା ପାଇଁ 'ନିଶ୍ଚୟ ମିତ୍ର ବାହନ' ଉଦ୍ଘାଟିତ
ଭୁବନେଶ୍ୱର,୨୬।୩ (ସଂଚାର ବ୍ୟୁରୋ): ଭାରତର ଜାତୀୟ ଯକ୍ଷ୍ମା ନିରାକରଣ କାର୍ଯ୍ୟକ୍ରମକୁ ସମର୍ଥନ କରି ବେଦାନ୍ତ ଝାରସୁଗୁଡ଼ା ପକ୍ଷରୁ ବିଶେଷ ଅଭିଯାନ ଆରମ୍ଭ କରାଯାଇଛି। ସଚେତନତା ସୃଷ୍ଟି ପାଇଁ 'ନିଶ୍ଚୟ ମିତ୍ର ବାହନ' ଉଦ୍ଘାଟନ କରାଯାଇଛି। ଏହି ବାହନ ଗ୍ରାମାଞ୍ଚଳରେ ବୁଲି ଲୋକଙ୍କୁ ସଚେତନ କରିବ।
ଝାରସୁଗୁଡ଼ାରେ 'ନିଶ୍ଚୟ ମିତ୍ର ବାହନ' ଉଦ୍ଘାଟନ ଅବସରରେ ଉପସ୍ଥିତ ଅତିଥିମାନେ।
ଏହି ଅବସରରେ ଆୟୋଜିତ କାର୍ଯ୍ୟକ୍ରମରେ ସ୍ଥାନୀୟ ପ୍ରଶାସନ ଅଧିକାରୀ ଓ ସ୍ୱାସ୍ଥ୍ୟକର୍ମୀମାନେ ଯୋଗ ଦେଇଥିଲେ। ଯକ୍ଷ୍ମା ରୋଗ ସମ୍ପର୍କରେ ଲୋକଙ୍କୁ ସଚେତନ କରାଇବା ଏବଂ ସମୟରେ ଚିକିତ୍ସା କରାଇବା ଉପରେ ଗୁରୁତ୍ୱ ଦିଆଯାଇଥିଲା।
ଭାରତ କୋରିଆ ଭଳି ୨୦୨୫ ସୁଦ୍ଧା ଯକ୍ଷ୍ମା ମୁକ୍ତ ହେବା ଲକ୍ଷ୍ୟ ରଖିଛି। ଏହି ଲକ୍ଷ୍ୟ ହାସଲ ପାଇଁ ସମସ୍ତଙ୍କ ସହଯୋଗ ଆବଶ୍ୟକ ବୋଲି ବକ୍ତାମାନେ କହିଥିଲେ। ଗ୍ରାମାଞ୍ଚଳରେ ମାଗଣା ଯାଞ୍ଚ ଶିବିର ଆୟୋଜନ କରାଯିବ।
କାରଖାନା ଭିତରେ ଶ୍ରମିକଙ୍କ ମୃତ୍ୟୁ
ଢେଙ୍କାନାଳ,୨୬।୩ (ସଂଚାର ବ୍ୟୁରୋ): ଏକ ବେସରକାରୀ କାରଖାନା ଭିତରେ କାମ କରୁଥିବା ବେଳେ ଜଣେ ଶ୍ରମିକଙ୍କ ମୃତ୍ୟୁ ଘଟିଛି। ଘଟଣା ପରେ କାରଖାନା ପରିସରରେ ଉତ୍ତେଜନା ପ୍ରକାଶ ପାଇଥିଲା। ଶ୍ରମିକମାନେ କ୍ଷତିପୂରଣ ଦାବି କରି ବିକ୍ଷୋଭ ପ୍ରଦର୍ଶନ କରିଥିଲେ। ପୁଲିସ ଘଟଣାସ୍ଥଳରେ ପହଞ୍ଚି ପରିସ୍ଥିତି ନିୟନ୍ତ୍ରଣ କରିଥିଲା। ମୃତଦେହକୁ ଅଙ୍ଗବିକୃତି ପରୀକ୍ଷା ପାଇଁ ପଠାଯାଇଛି ବୋଲି ପୁଲିସ କହିଛି।
ସରକାର ପକ୍ଷରୁ ଏହି ଅଭିଯୋଗକୁ ଖଣ୍ଡନ କରାଯାଇଛି। ଶାସକ ଦଳର ନେତାମାନେ କହିଛନ୍ତି ଯେ ବିରୋଧୀ ଦଳ ଅଯଥା ରାଜନୀତି କରୁଛି। ଆଇନ ଶୃଙ୍ଖଳା ପରିସ୍ଥିତି ସମ୍ପୂର୍ଣ୍ଣ ନିୟନ୍ତ୍ରଣରେ ରହିଛି ବୋଲି ସେମାନେ ଦାବି କରିଛନ୍ତି।
